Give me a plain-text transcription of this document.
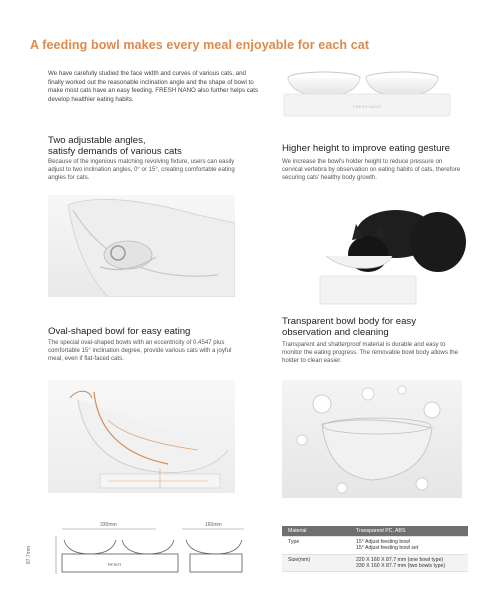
A feeding bowl makes every meal enjoyable for each cat
We have carefully studied the face width and curves of various cats, and finally worked out the reasonable inclination angle and the shape of bowl to make most cats have an easy feeding. FRESH NANO also further helps cats develop healthier eating habits.
FRESH NANO
Two adjustable angles,
satisfy demands of various cats
Because of the ingenious matching revolving fixture, users can easily adjust to two inclination angles, 0° or 15°, creating comfortable eating angles for cats.
Higher height to improve eating gesture
We increase the bowl's holder height to reduce pressure on cervical vertebra by observation on eating habits of cats, therefore securing cats' healthy body growth.
Oval-shaped bowl for easy eating
The special oval-shaped bowls with an eccentricity of 0.4547 plus comfortable 15° inclination degree, provide various cats with a joyful meal, even if flat-faced cats.
Transparent bowl body for easy
observation and cleaning
Transparent and shatterproof material is durable and easy to monitor the eating progress. The removable bowl body allows the holder to clean easier.
330mm	160mm
87.7mm
PETKIT
Material	Transparent PC, ABS
Type	15° Adjust feeding bowl
15° Adjust feeding bowl set
Size(mm)	220 X 160 X 87.7 mm (one bowl type)
330 X 160 X 87.7 mm (two bowls type)
